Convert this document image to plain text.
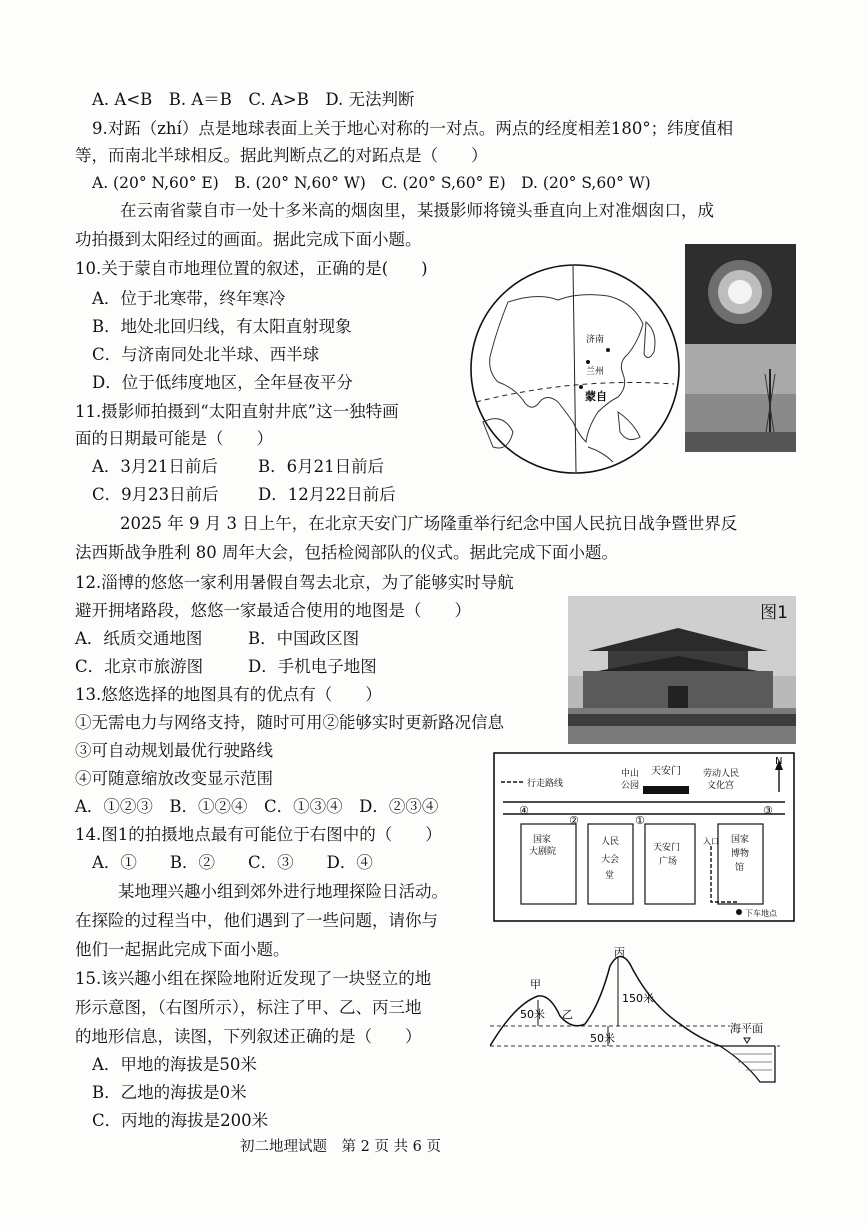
A. A<B　B. A＝B　C. A>B　D. 无法判断
9.对跖（zhí）点是地球表面上关于地心对称的一对点。两点的经度相差180°；纬度值相
等，而南北半球相反。据此判断点乙的对跖点是（　　）
A. (20° N,60° E)　B. (20° N,60° W)　C. (20° S,60° E)　D. (20° S,60° W)
在云南省蒙自市一处十多米高的烟囱里，某摄影师将镜头垂直向上对准烟囱口，成
功拍摄到太阳经过的画面。据此完成下面小题。
10.关于蒙自市地理位置的叙述，正确的是(　　)
A．位于北寒带，终年寒冷
B．地处北回归线，有太阳直射现象
C．与济南同处北半球、西半球
D．位于低纬度地区，全年昼夜平分
11.摄影师拍摄到“太阳直射井底”这一独特画
面的日期最可能是（　　）
A．3月21日前后 B．6月21日前后
C．9月23日前后 D．12月22日前后
2025 年 9 月 3 日上午，在北京天安门广场隆重举行纪念中国人民抗日战争暨世界反
法西斯战争胜利 80 周年大会，包括检阅部队的仪式。据此完成下面小题。
12.淄博的悠悠一家利用暑假自驾去北京，为了能够实时导航
避开拥堵路段，悠悠一家最适合使用的地图是（　　）
A．纸质交通地图	B．中国政区图
C．北京市旅游图	D．手机电子地图
13.悠悠选择的地图具有的优点有（　　）
①无需电力与网络支持，随时可用②能够实时更新路况信息
③可自动规划最优行驶路线
④可随意缩放改变显示范围
A．①②③　B．①②④　C．①③④　D．②③④
14.图1的拍摄地点最有可能位于右图中的（　　）
A．①　　B．②　　C．③　　D．④
某地理兴趣小组到郊外进行地理探险日活动。
在探险的过程当中，他们遇到了一些问题，请你与
他们一起据此完成下面小题。
15.该兴趣小组在探险地附近发现了一块竖立的地
形示意图，（右图所示），标注了甲、乙、丙三地
的地形信息，读图，下列叙述正确的是（　　）
A．甲地的海拔是50米
B．乙地的海拔是0米
C．丙地的海拔是200米
初二地理试题　第 2 页 共 6 页
济南
兰州
蒙自
图1
行走路线
N
中山
公园
天安门 劳动人民
文化宫
国家
大剧院
人民
大会
堂
天安门
广场
国家
博物
馆
入口
下车地点
④
②	①
③
甲
乙
丙
50米
150米
50米
海平面
